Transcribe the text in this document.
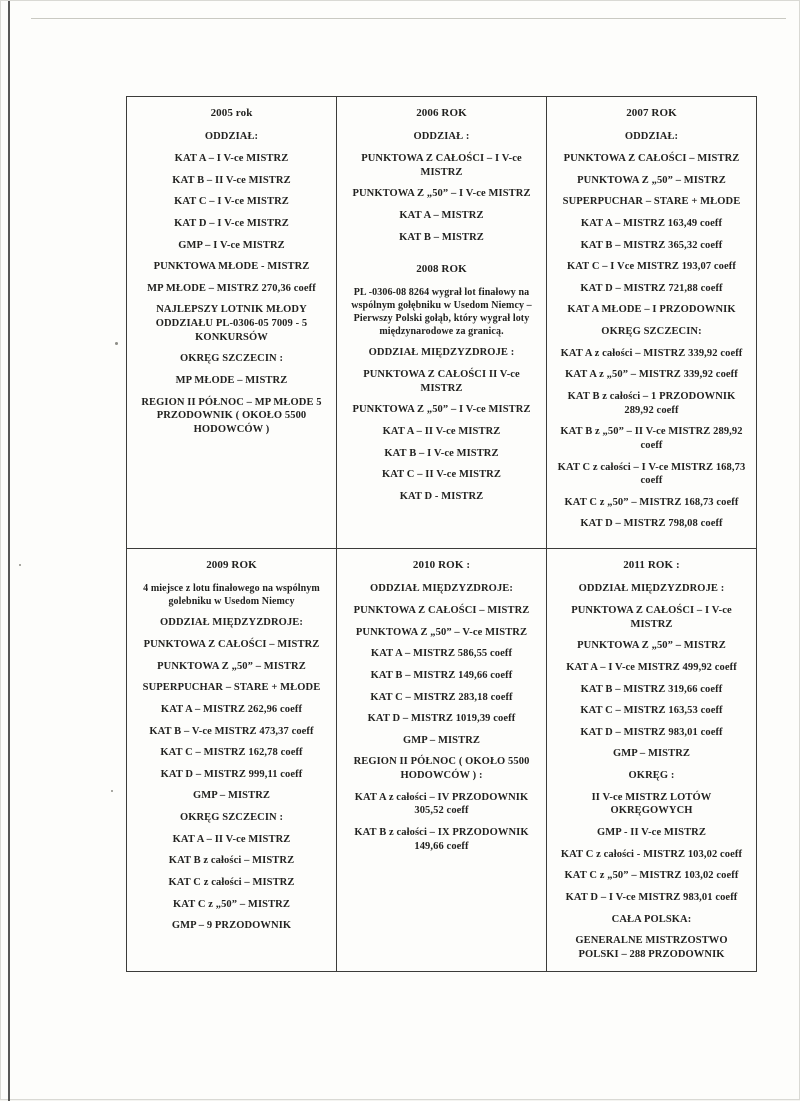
2005 rok

ODDZIAŁ:

KAT A – I V-ce MISTRZ

KAT B – II V-ce MISTRZ

KAT C – I V-ce MISTRZ

KAT D – I V-ce MISTRZ

GMP – I V-ce MISTRZ

PUNKTOWA MŁODE - MISTRZ

MP MŁODE – MISTRZ 270,36 coeff

NAJLEPSZY LOTNIK MŁODY ODDZIAŁU PL-0306-05 7009 - 5 KONKURSÓW

OKRĘG SZCZECIN :

MP MŁODE – MISTRZ

REGION II PÓŁNOC – MP MŁODE 5 PRZODOWNIK ( OKOŁO 5500 HODOWCÓW )

2006 ROK

ODDZIAŁ :

PUNKTOWA Z CAŁOŚCI – I V-ce MISTRZ

PUNKTOWA Z „50” – I V-ce MISTRZ

KAT A – MISTRZ

KAT B – MISTRZ

2008 ROK

PL -0306-08 8264 wygrał lot finałowy na wspólnym gołębniku w Usedom Niemcy – Pierwszy Polski gołąb, który wygrał loty międzynarodowe za granicą.

ODDZIAŁ MIĘDZYZDROJE :

PUNKTOWA Z CAŁOŚCI II V-ce MISTRZ

PUNKTOWA Z „50” – I V-ce MISTRZ

KAT A – II V-ce MISTRZ

KAT B – I V-ce MISTRZ

KAT C – II V-ce MISTRZ

KAT D - MISTRZ

2007 ROK

ODDZIAŁ:

PUNKTOWA Z CAŁOŚCI – MISTRZ

PUNKTOWA Z „50” – MISTRZ

SUPERPUCHAR – STARE + MŁODE

KAT A – MISTRZ 163,49 coeff

KAT B – MISTRZ 365,32 coeff

KAT C – I Vce MISTRZ 193,07 coeff

KAT D – MISTRZ 721,88 coeff

KAT A MŁODE – I PRZODOWNIK

OKRĘG SZCZECIN:

KAT A z całości – MISTRZ 339,92 coeff

KAT A z „50” – MISTRZ 339,92 coeff

KAT B z całości – 1 PRZODOWNIK 289,92 coeff

KAT B z „50” – II V-ce MISTRZ 289,92 coeff

KAT C z całości – I V-ce MISTRZ 168,73 coeff

KAT C z „50” – MISTRZ 168,73 coeff

KAT D – MISTRZ 798,08 coeff

2009 ROK

4 miejsce z lotu finałowego na wspólnym golebniku w Usedom Niemcy

ODDZIAŁ MIĘDZYZDROJE:

PUNKTOWA Z CAŁOŚCI – MISTRZ

PUNKTOWA Z „50” – MISTRZ

SUPERPUCHAR – STARE + MŁODE

KAT A – MISTRZ 262,96 coeff

KAT B – V-ce MISTRZ 473,37 coeff

KAT C – MISTRZ 162,78 coeff

KAT D – MISTRZ 999,11 coeff

GMP – MISTRZ

OKRĘG SZCZECIN :

KAT A – II V-ce MISTRZ

KAT B z całości – MISTRZ

KAT C z całości – MISTRZ

KAT C z „50” – MISTRZ

GMP – 9 PRZODOWNIK

2010 ROK :

ODDZIAŁ MIĘDZYZDROJE:

PUNKTOWA Z CAŁOŚCI – MISTRZ

PUNKTOWA Z „50” – V-ce MISTRZ

KAT A – MISTRZ 586,55 coeff

KAT B – MISTRZ 149,66 coeff

KAT C – MISTRZ 283,18 coeff

KAT D – MISTRZ 1019,39 coeff

GMP – MISTRZ

REGION II PÓŁNOC ( OKOŁO 5500 HODOWCÓW ) :

KAT A z całości – IV PRZODOWNIK 305,52 coeff

KAT B z całości – IX PRZODOWNIK 149,66 coeff

2011 ROK :

ODDZIAŁ MIĘDZYZDROJE :

PUNKTOWA Z CAŁOŚCI – I V-ce MISTRZ

PUNKTOWA Z „50” – MISTRZ

KAT A – I V-ce MISTRZ 499,92 coeff

KAT B – MISTRZ 319,66 coeff

KAT C – MISTRZ 163,53 coeff

KAT D – MISTRZ 983,01 coeff

GMP – MISTRZ

OKRĘG :

II V-ce MISTRZ LOTÓW OKRĘGOWYCH

GMP - II V-ce MISTRZ

KAT C z całości - MISTRZ 103,02 coeff

KAT C z „50” – MISTRZ 103,02 coeff

KAT D – I V-ce MISTRZ 983,01 coeff

CAŁA POLSKA:

GENERALNE MISTRZOSTWO POLSKI – 288 PRZODOWNIK
